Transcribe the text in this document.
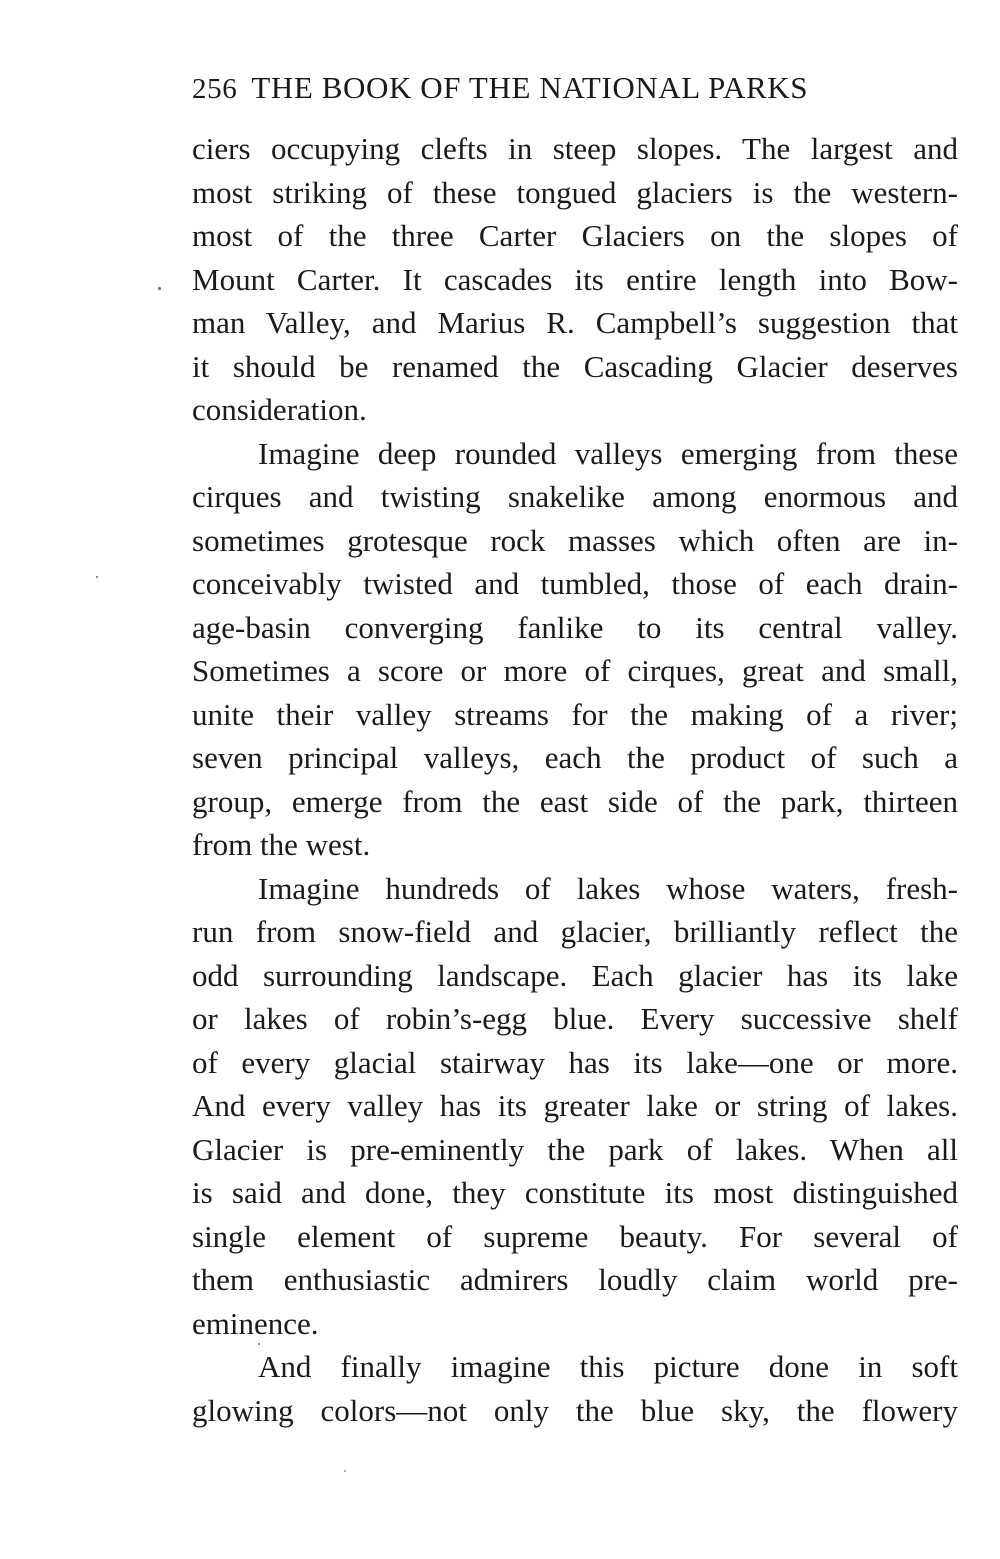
256 THE BOOK OF THE NATIONAL PARKS
ciers occupying clefts in steep slopes. The largest and
most striking of these tongued glaciers is the western-
most of the three Carter Glaciers on the slopes of
Mount Carter. It cascades its entire length into Bow-
man Valley, and Marius R. Campbell’s suggestion that
it should be renamed the Cascading Glacier deserves
consideration.
Imagine deep rounded valleys emerging from these
cirques and twisting snakelike among enormous and
sometimes grotesque rock masses which often are in-
conceivably twisted and tumbled, those of each drain-
age-basin converging fanlike to its central valley.
Sometimes a score or more of cirques, great and small,
unite their valley streams for the making of a river;
seven principal valleys, each the product of such a
group, emerge from the east side of the park, thirteen
from the west.
Imagine hundreds of lakes whose waters, fresh-
run from snow-field and glacier, brilliantly reflect the
odd surrounding landscape. Each glacier has its lake
or lakes of robin’s-egg blue. Every successive shelf
of every glacial stairway has its lake—one or more.
And every valley has its greater lake or string of lakes.
Glacier is pre-eminently the park of lakes. When all
is said and done, they constitute its most distinguished
single element of supreme beauty. For several of
them enthusiastic admirers loudly claim world pre-
eminence.
And finally imagine this picture done in soft
glowing colors—not only the blue sky, the flowery
